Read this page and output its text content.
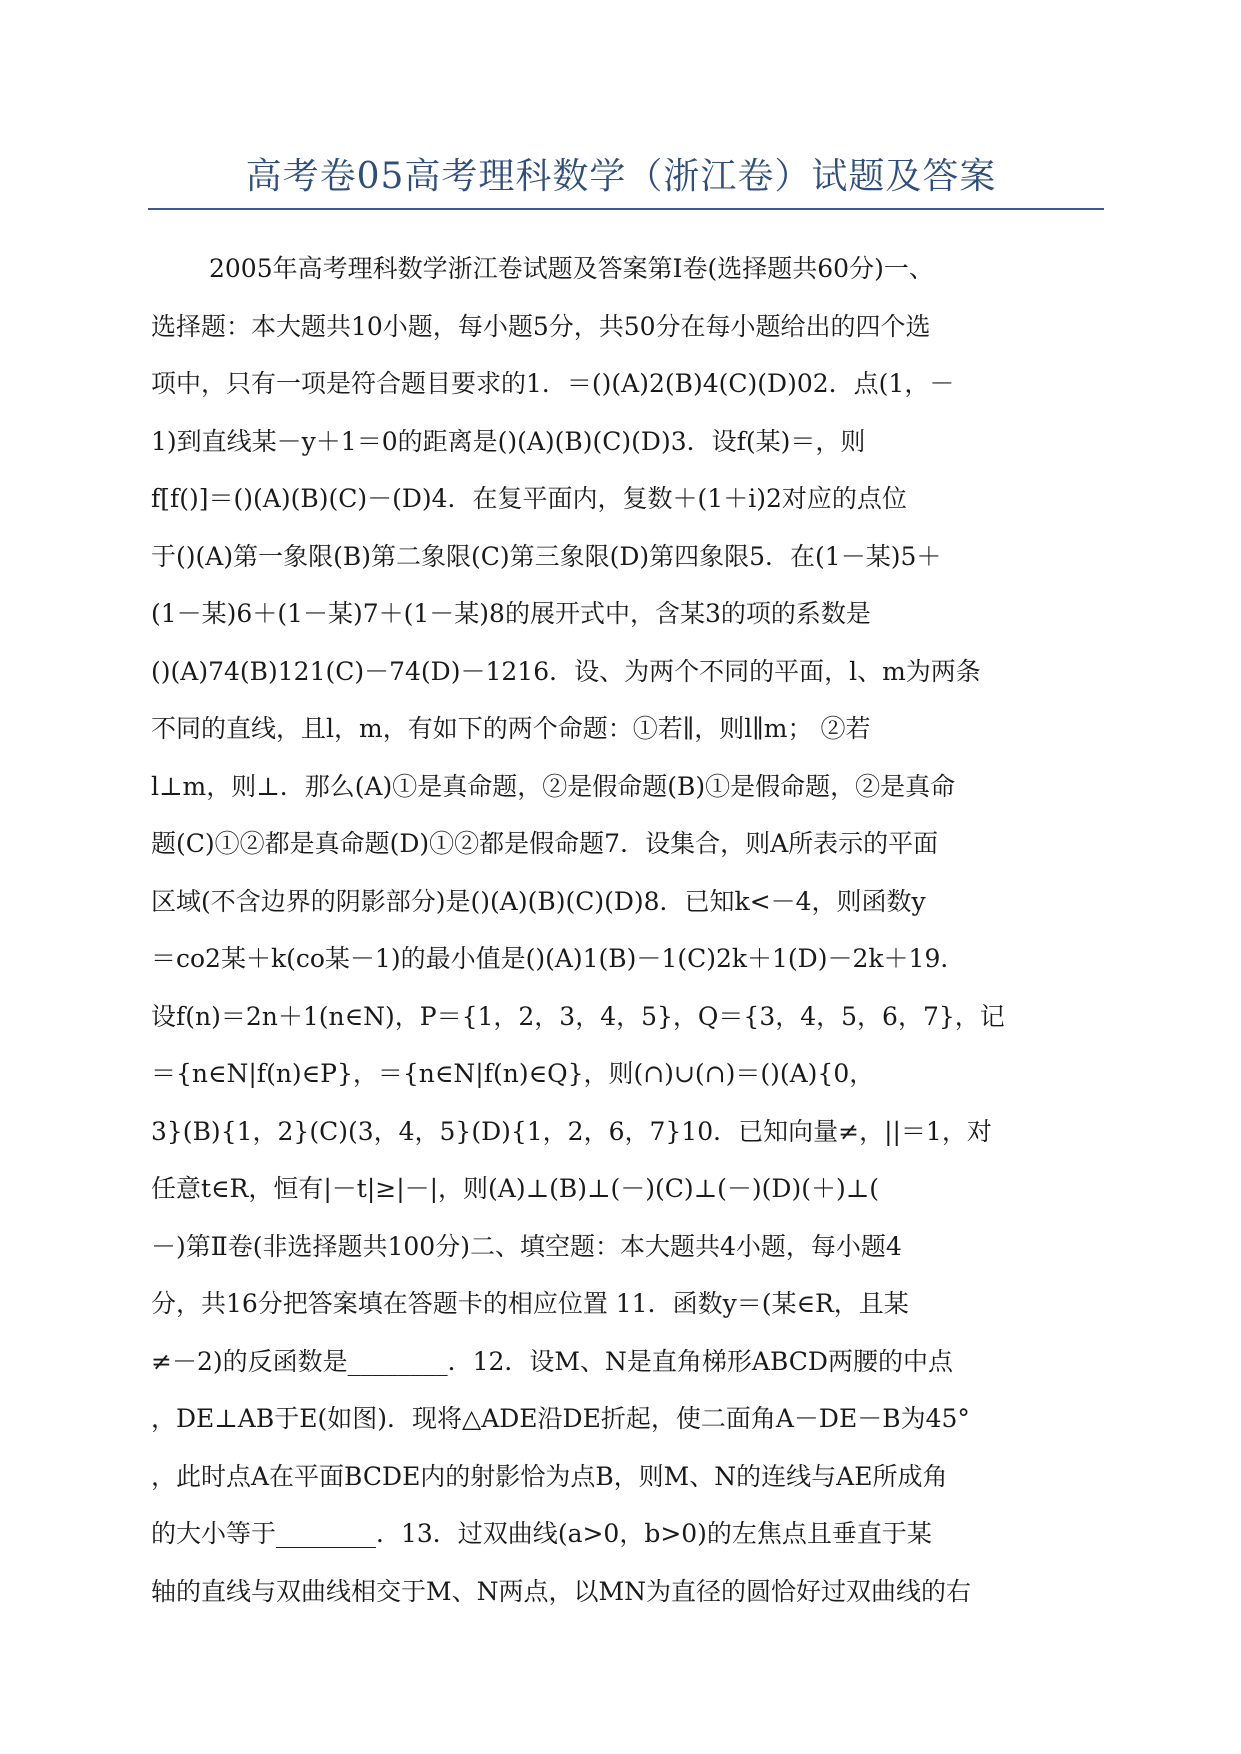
高考卷05高考理科数学（浙江卷）试题及答案
2005年高考理科数学浙江卷试题及答案第Ⅰ卷(选择题共60分)一、
选择题：本大题共10小题，每小题5分，共50分在每小题给出的四个选
项中，只有一项是符合题目要求的1．＝()(A)2(B)4(C)(D)02．点(1，－
1)到直线某－y＋1＝0的距离是()(A)(B)(C)(D)3．设f(某)＝，则
f[f()]＝()(A)(B)(C)－(D)4．在复平面内，复数＋(1＋i)2对应的点位
于()(A)第一象限(B)第二象限(C)第三象限(D)第四象限5．在(1－某)5＋
(1－某)6＋(1－某)7＋(1－某)8的展开式中，含某3的项的系数是
()(A)74(B)121(C)－74(D)－1216．设、为两个不同的平面，l、m为两条
不同的直线，且l，m，有如下的两个命题：①若∥，则l∥m； ②若
l⊥m，则⊥．那么(A)①是真命题，②是假命题(B)①是假命题，②是真命
题(C)①②都是真命题(D)①②都是假命题7．设集合，则A所表示的平面
区域(不含边界的阴影部分)是()(A)(B)(C)(D)8．已知k<－4，则函数y
＝co2某＋k(co某－1)的最小值是()(A)1(B)－1(C)2k＋1(D)－2k＋19．
设f(n)＝2n＋1(n∈N)，P＝{1，2，3，4，5}，Q＝{3，4，5，6，7}，记
＝{n∈N|f(n)∈P}，＝{n∈N|f(n)∈Q}，则(∩)∪(∩)＝()(A){0，
3}(B){1，2}(C)(3，4，5}(D){1，2，6，7}10．已知向量≠，||＝1，对
任意t∈R，恒有|－t|≥|－|，则(A)⊥(B)⊥(－)(C)⊥(－)(D)(＋)⊥(
－)第Ⅱ卷(非选择题共100分)二、填空题：本大题共4小题，每小题4
分，共16分把答案填在答题卡的相应位置 11．函数y＝(某∈R，且某
≠－2)的反函数是________．12．设M、N是直角梯形ABCD两腰的中点
，DE⊥AB于E(如图)．现将△ADE沿DE折起，使二面角A－DE－B为45°
，此时点A在平面BCDE内的射影恰为点B，则M、N的连线与AE所成角
的大小等于________．13．过双曲线(a>0，b>0)的左焦点且垂直于某
轴的直线与双曲线相交于M、N两点，以MN为直径的圆恰好过双曲线的右
